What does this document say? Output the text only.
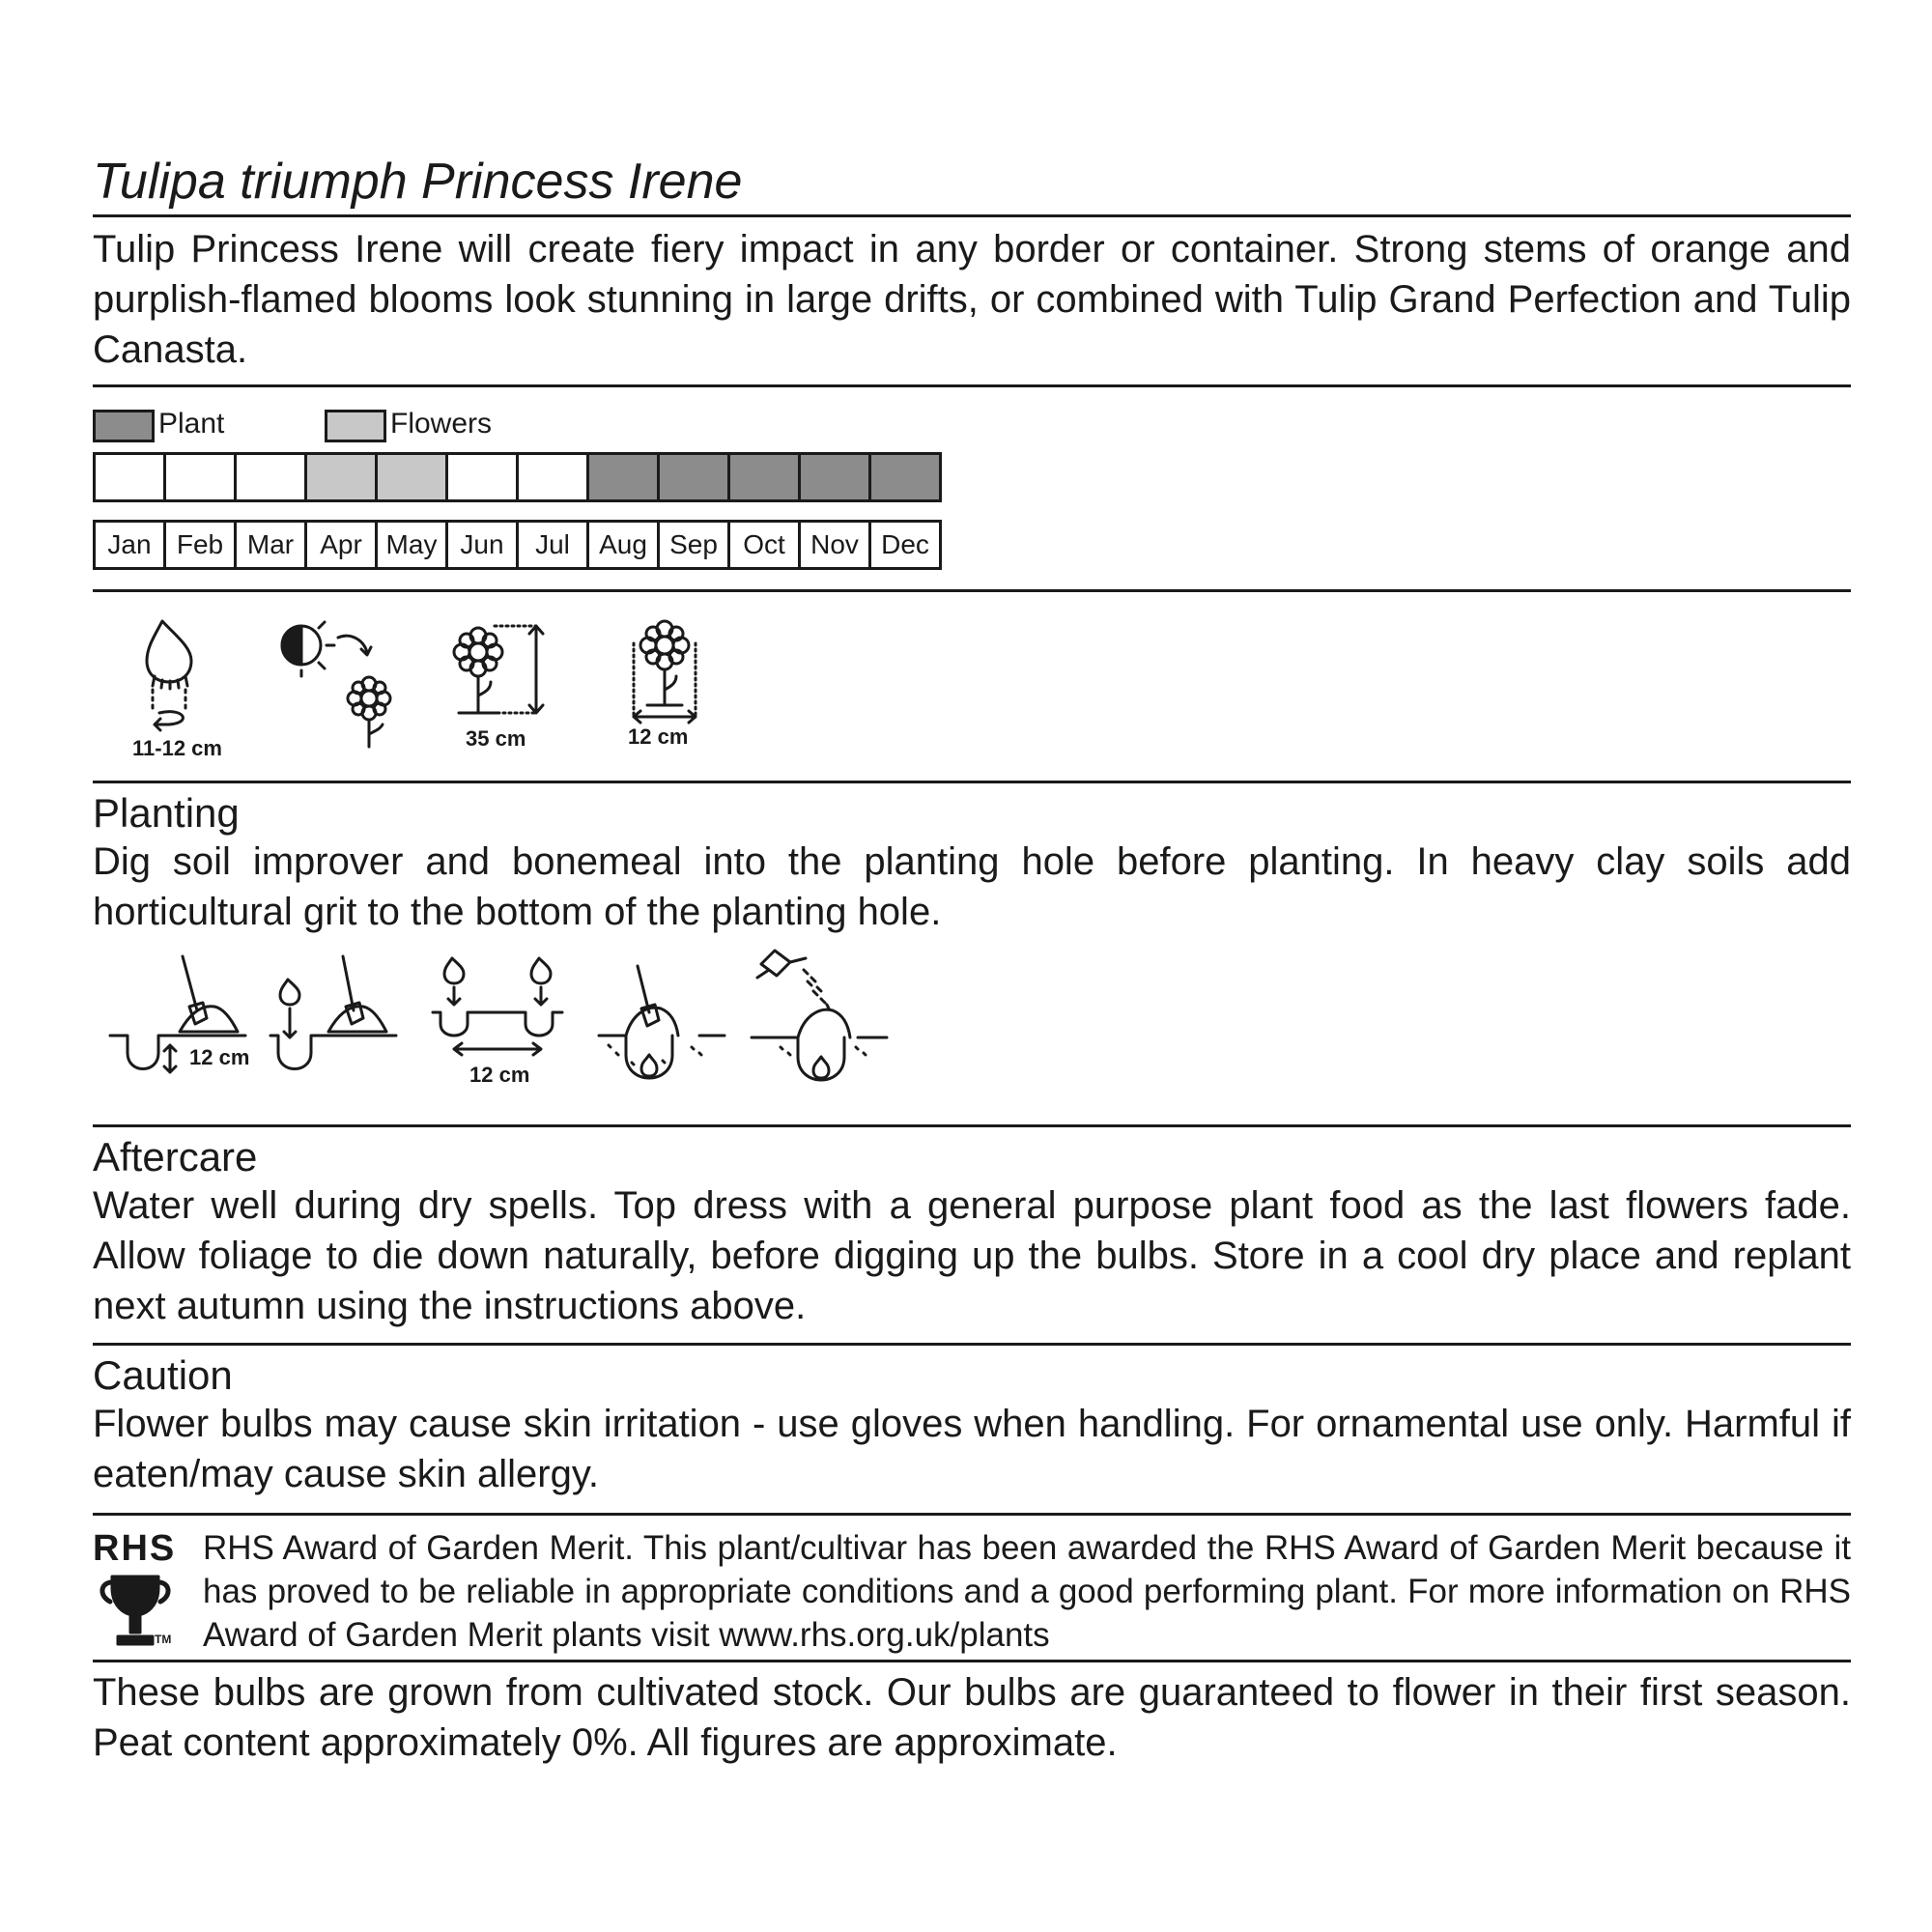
Tulipa triumph Princess Irene
Tulip Princess Irene will create fiery impact in any border or container. Strong stems of orange and purplish-flamed blooms look stunning in large drifts, or combined with Tulip Grand Perfection and Tulip Canasta.
Plant	Flowers
Jan Feb Mar Apr May Jun	Jul	Aug Sep Oct Nov Dec
11-12 cm	35 cm	12 cm
Planting
Dig soil improver and bonemeal into the planting hole before planting. In heavy clay soils add horticultural grit to the bottom of the planting hole.
12 cm
12 cm
Aftercare
Water well during dry spells. Top dress with a general purpose plant food as the last flowers fade. Allow foliage to die down naturally, before digging up the bulbs. Store in a cool dry place and replant next autumn using the instructions above.
Caution
Flower bulbs may cause skin irritation - use gloves when handling. For ornamental use only. Harmful if eaten/may cause skin allergy.
RHS
TM
RHS Award of Garden Merit. This plant/cultivar has been awarded the RHS Award of Garden Merit because it has proved to be reliable in appropriate conditions and a good performing plant. For more information on RHS Award of Garden Merit plants visit www.rhs.org.uk/plants
These bulbs are grown from cultivated stock. Our bulbs are guaranteed to flower in their first season. Peat content approximately 0%. All figures are approximate.
